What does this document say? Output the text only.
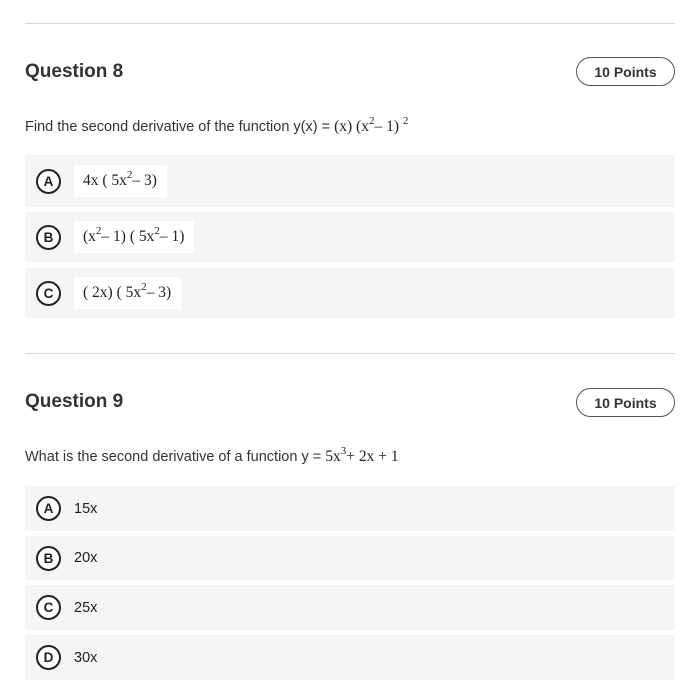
Question 8	10 Points
Find the second derivative of the function y(x) = (x) ($x^2-$ 1) $^2$
A	4x ( $5x^2-$ 3)
B	($x^2-$ 1) ( $5x^2-$ 1)
C	( 2x) ( $5x^2-$ 3)
Question 9	10 Points
What is the second derivative of a function $y = 5x^3+ 2x + 1$
A	15x
B	20x
C	25x
D	30x
